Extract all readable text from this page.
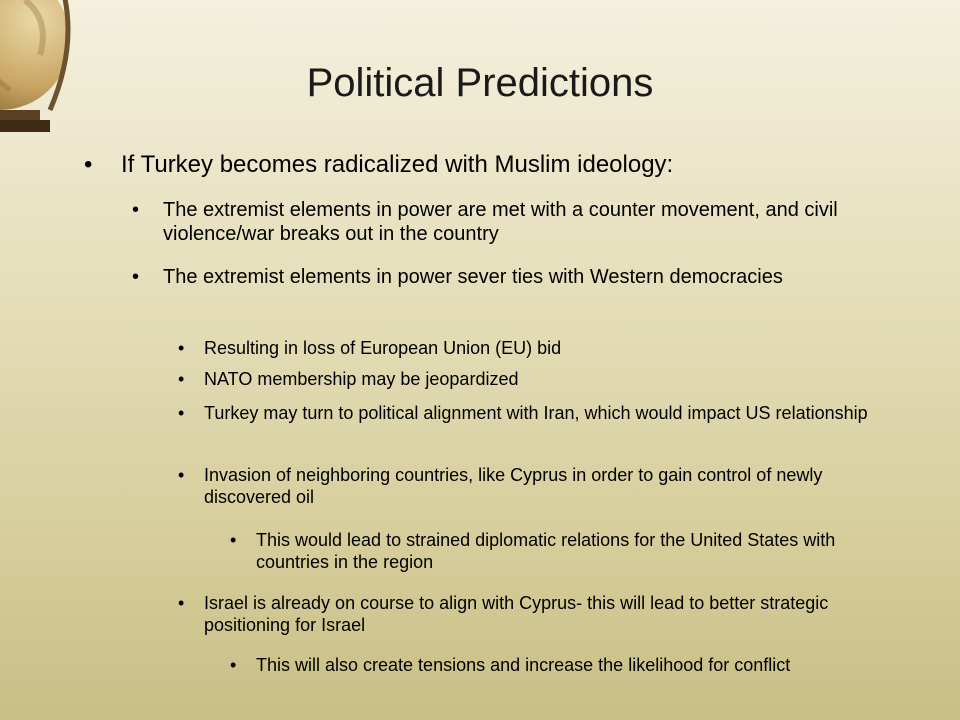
Political Predictions
• If Turkey becomes radicalized with Muslim ideology:
• The extremist elements in power are met with a counter movement, and civil violence/war breaks out in the country
• The extremist elements in power sever ties with Western democracies
• Resulting in loss of European Union (EU) bid
• NATO membership may be jeopardized
• Turkey may turn to political alignment with Iran, which would impact US relationship
• Invasion of neighboring countries, like Cyprus in order to gain control of newly discovered oil
• This would lead to strained diplomatic relations for the United States with countries in the region
• Israel is already on course to align with Cyprus- this will lead to better strategic positioning for Israel
• This will also create tensions and increase the likelihood for conflict
